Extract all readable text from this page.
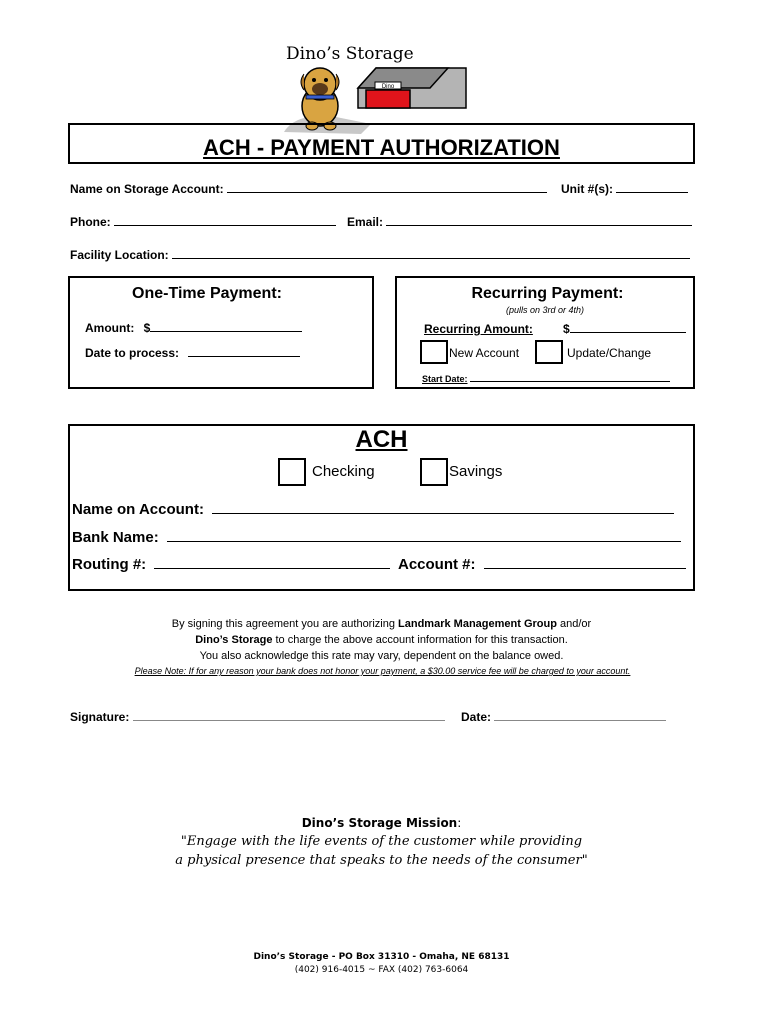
Dino’s Storage
Dino
ACH - PAYMENT AUTHORIZATION
Name on Storage Account:	Unit #(s):
Phone:	Email:
Facility Location:
One-Time Payment:
Amount: $
Date to process:
Recurring Payment:
(pulls on 3rd or 4th)
Recurring Amount:	$
New Account	Update/Change
Start Date:
ACH
Checking	Savings
Name on Account:
Bank Name:
Routing #:	Account #:
By signing this agreement you are authorizing Landmark Management Group and/or
Dino’s Storage to charge the above account information for this transaction.
You also acknowledge this rate may vary, dependent on the balance owed.
Please Note: If for any reason your bank does not honor your payment, a $30.00 service fee will be charged to your account.
Signature:	Date:
Dino’s Storage Mission:
"Engage with the life events of the customer while providing
a physical presence that speaks to the needs of the consumer"
Dino’s Storage - PO Box 31310 - Omaha, NE 68131
(402) 916-4015 ~ FAX (402) 763-6064
